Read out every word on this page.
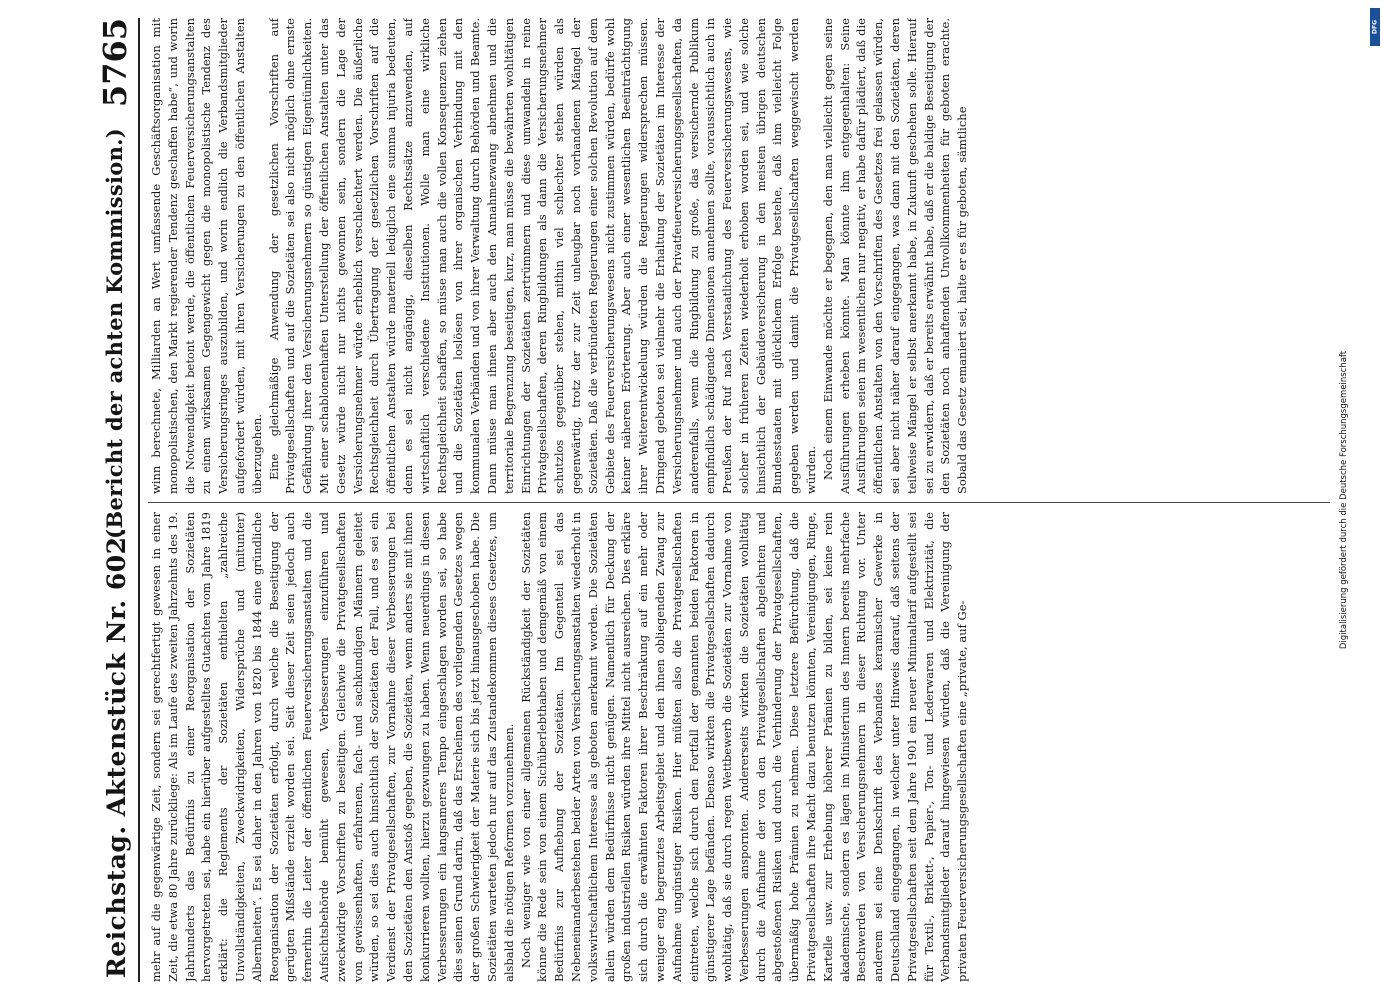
Reichstag. Aktenstück Nr. 602.
(Bericht der achten Kommission.)
5765

mehr auf die gegenwärtige Zeit, sondern sei gerechtfertigt gewesen in einer Zeit, die etwa 80 Jahre zurückliege: Als im Laufe des zweiten Jahrzehnts des 19. Jahrhunderts das Bedürfnis zu einer Reorganisation der Sozietäten hervorgetreten sei, habe ein hierüber aufgestelltes Gutachten vom Jahre 1819 erklärt: die Reglements der Sozietäten enthielten „zahlreiche Unvollständigkeiten, Zweckwidrigkeiten, Widersprüche und (mitunter) Albernheiten“. Es sei daher in den Jahren von 1820 bis 1844 eine gründliche Reorganisation der Sozietäten erfolgt, durch welche die Beseitigung der gerügten Mißstände erzielt worden sei. Seit dieser Zeit seien jedoch auch fernerhin die Leiter der öffentlichen Feuerversicherungsanstalten und die Aufsichtsbehörde bemüht gewesen, Verbesserungen einzuführen und zweckwidrige Vorschriften zu beseitigen. Gleichwie die Privatgesellschaften von gewissenhaften, erfahrenen, fach- und sachkundigen Männern geleitet würden, so sei dies auch hinsichtlich der Sozietäten der Fall, und es sei ein Verdienst der Privatgesellschaften, zur Vornahme dieser Verbesserungen bei den Sozietäten den Anstoß gegeben, die Sozietäten, wenn anders sie mit ihnen konkurrieren wollten, hierzu gezwungen zu haben. Wenn neuerdings in diesen Verbesserungen ein langsameres Tempo eingeschlagen worden sei, so habe dies seinen Grund darin, daß das Erscheinen des vorliegenden Gesetzes wegen der großen Schwierigkeit der Materie sich bis jetzt hinausgeschoben habe. Die Sozietäten warteten jedoch nur auf das Zustandekommen dieses Gesetzes, um alsbald die nötigen Reformen vorzunehmen. Noch weniger wie von einer allgemeinen Rückständigkeit der Sozietäten könne die Rede sein von einem Sichüberlebthaben und demgemäß von einem Bedürfnis zur Aufhebung der Sozietäten. Im Gegenteil sei das Nebeneinanderbestehen beider Arten von Versicherungsanstalten wiederholt in volkswirtschaftlichem Interesse als geboten anerkannt worden. Die Sozietäten allein würden dem Bedürfnisse nicht genügen. Namentlich für Deckung der großen industriellen Risiken würden ihre Mittel nicht ausreichen. Dies erkläre sich durch die erwähnten Faktoren ihrer Beschränkung auf ein mehr oder weniger eng begrenztes Arbeitsgebiet und den ihnen obliegenden Zwang zur Aufnahme ungünstiger Risiken. Hier müßten also die Privatgesellschaften eintreten, welche sich durch den Fortfall der genannten beiden Faktoren in günstigerer Lage befänden. Ebenso wirkten die Privatgesellschaften dadurch wohltätig, daß sie durch regen Wettbewerb die Sozietäten zur Vornahme von Verbesserungen anspornten. Andererseits wirkten die Sozietäten wohltätig durch die Aufnahme der von den Privatgesellschaften abgelehnten und abgestoßenen Risiken und durch die Verhinderung der Privatgesellschaften, übermäßig hohe Prämien zu nehmen. Diese letztere Befürchtung, daß die Privatgesellschaften ihre Macht dazu benutzen könnten, Vereinigungen, Ringe, Kartelle usw. zur Erhebung höherer Prämien zu bilden, sei keine rein akademische, sondern es lägen im Ministerium des Innern bereits mehrfache Beschwerden von Versicherungsnehmern in dieser Richtung vor. Unter anderem sei eine Denkschrift des Verbandes keramischer Gewerke in Deutschland eingegangen, in welcher unter Hinweis darauf, daß seitens der Privatgesellschaften seit dem Jahre 1901 ein neuer Minimaltarif aufgestellt sei für Textil-, Brikett-, Papier-, Ton- und Lederwaren und Elektrizität, die Verbandsmitglieder darauf hingewiesen würden, daß die Vereinigung der privaten Feuerversicherungsgesellschaften eine „private, auf Ge-

winn berechnete, Milliarden an Wert umfassende Geschäftsorganisation mit monopolistischen, den Markt regierender Tendenz geschaffen habe“, und worin die Notwendigkeit betont werde, die öffentlichen Feuerversicherungsanstalten zu einem wirksamen Gegengewicht gegen die monopolistische Tendenz des Versicherungsringes auszubilden, und worin endlich die Verbandsmitglieder aufgefordert würden, mit ihren Versicherungen zu den öffentlichen Anstalten überzugehen. Eine gleichmäßige Anwendung der gesetzlichen Vorschriften auf Privatgesellschaften und auf die Sozietäten sei also nicht möglich ohne ernste Gefährdung ihrer den Versicherungsnehmern so günstigen Eigentümlichkeiten. Mit einer schablonenhaften Unterstellung der öffentlichen Anstalten unter das Gesetz würde nicht nur nichts gewonnen sein, sondern die Lage der Versicherungsnehmer würde erheblich verschlechtert werden. Die äußerliche Rechtsgleichheit durch Übertragung der gesetzlichen Vorschriften auf die öffentlichen Anstalten würde materiell lediglich eine summa injuria bedeuten, denn es sei nicht angängig, dieselben Rechtssätze anzuwenden, auf wirtschaftlich verschiedene Institutionen. Wolle man eine wirkliche Rechtsgleichheit schaffen, so müsse man auch die vollen Konsequenzen ziehen und die Sozietäten loslösen von ihrer organischen Verbindung mit den kommunalen Verbänden und von ihrer Verwaltung durch Behörden und Beamte. Dann müsse man ihnen aber auch den Annahmezwang abnehmen und die territoriale Begrenzung beseitigen, kurz, man müsse die bewährten wohltätigen Einrichtungen der Sozietäten zertrümmern und diese umwandeln in reine Privatgesellschaften, deren Ringbildungen als dann die Versicherungsnehmer schutzlos gegenüber stehen, mithin viel schlechter stehen würden als gegenwärtig, trotz der zur Zeit unleugbar noch vorhandenen Mängel der Sozietäten. Daß die verbündeten Regierungen einer solchen Revolution auf dem Gebiete des Feuerversicherungswesens nicht zustimmen würden, bedürfe wohl keiner näheren Erörterung. Aber auch einer wesentlichen Beeinträchtigung ihrer Weiterentwickelung würden die Regierungen widersprechen müssen. Dringend geboten sei vielmehr die Erhaltung der Sozietäten im Interesse der Versicherungsnehmer und auch der Privatfeuerversicherungsgesellschaften, da anderenfalls, wenn die Ringbildung zu große, das versichernde Publikum empfindlich schädigende Dimensionen annehmen sollte, voraussichtlich auch in Preußen der Ruf nach Verstaatlichung des Feuerversicherungswesens, wie solcher in früheren Zeiten wiederholt erhoben worden sei, und wie solche hinsichtlich der Gebäudeversicherung in den meisten übrigen deutschen Bundesstaaten mit glücklichem Erfolge bestehe, daß ihm vielleicht Folge gegeben werden und damit die Privatgesellschaften weggewischt werden würden. Noch einem Einwande möchte er begegnen, den man vielleicht gegen seine Ausführungen erheben könnte. Man könnte ihm entgegenhalten: Seine Ausführungen seien im wesentlichen nur negativ, er habe dafür plädiert, daß die öffentlichen Anstalten von den Vorschriften des Gesetzes frei gelassen würden, sei aber nicht näher darauf eingegangen, was dann mit den Sozietäten, deren teilweise Mängel er selbst anerkannt habe, in Zukunft geschehen solle. Hierauf sei zu erwidern, daß er bereits erwähnt habe, daß er die baldige Beseitigung der den Sozietäten noch anhaftenden Unvollkommenheiten für geboten erachte. Sobald das Gesetz emaniert sei, halte er es für geboten, sämtliche

Digitalisierung gefördert durch die Deutsche Forschungsgemeinschaft
DFG
